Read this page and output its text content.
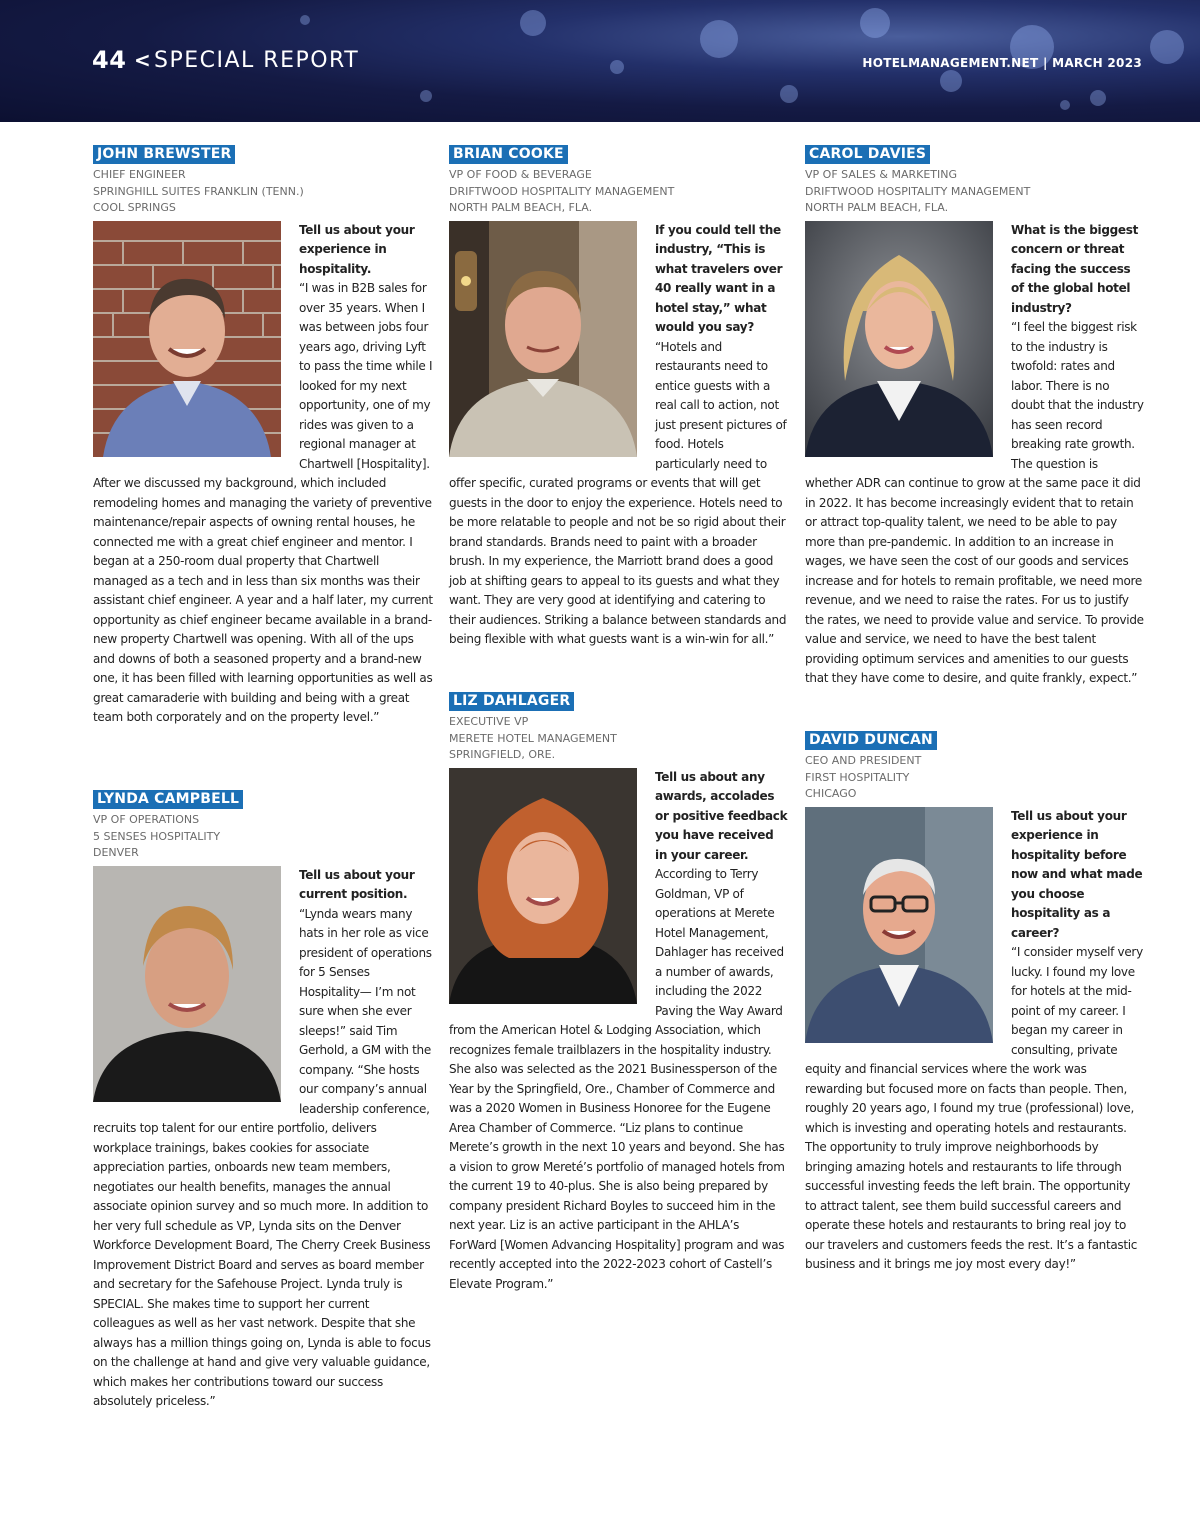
44 < SPECIAL REPORT	HOTELMANAGEMENT.NET | MARCH 2023
JOHN BREWSTER
CHIEF ENGINEER
SPRINGHILL SUITES FRANKLIN (TENN.)
COOL SPRINGS
Tell us about your experience in hospitality.
“I was in B2B sales for over 35 years. When I was between jobs four years ago, driving Lyft to pass the time while I looked for my next opportunity, one of my rides was given to a regional manager at Chartwell [Hospitality]. After we discussed my background, which included remodeling homes and managing the variety of preventive maintenance/repair aspects of owning rental houses, he connected me with a great chief engineer and mentor. I began at a 250-room dual property that Chartwell managed as a tech and in less than six months was their assistant chief engineer. A year and a half later, my current opportunity as chief engineer became available in a brand-new property Chartwell was opening. With all of the ups and downs of both a seasoned property and a brand-new one, it has been filled with learning opportunities as well as great camaraderie with building and being with a great team both corporately and on the property level.”
LYNDA CAMPBELL
VP OF OPERATIONS
5 SENSES HOSPITALITY
DENVER
Tell us about your current position.
“Lynda wears many hats in her role as vice president of operations for 5 Senses Hospitality— I’m not sure when she ever sleeps!” said Tim Gerhold, a GM with the company. “She hosts our company’s annual leadership conference, recruits top talent for our entire portfolio, delivers workplace trainings, bakes cookies for associate appreciation parties, onboards new team members, negotiates our health benefits, manages the annual associate opinion survey and so much more. In addition to her very full schedule as VP, Lynda sits on the Denver Workforce Development Board, The Cherry Creek Business Improvement District Board and serves as board member and secretary for the Safehouse Project. Lynda truly is SPECIAL. She makes time to support her current colleagues as well as her vast network. Despite that she always has a million things going on, Lynda is able to focus on the challenge at hand and give very valuable guidance, which makes her contributions toward our success absolutely priceless.”
BRIAN COOKE
VP OF FOOD & BEVERAGE
DRIFTWOOD HOSPITALITY MANAGEMENT
NORTH PALM BEACH, FLA.
If you could tell the industry, “This is what travelers over 40 really want in a hotel stay,” what would you say?
“Hotels and restaurants need to entice guests with a real call to action, not just present pictures of food. Hotels particularly need to offer specific, curated programs or events that will get guests in the door to enjoy the experience. Hotels need to be more relatable to people and not be so rigid about their brand standards. Brands need to paint with a broader brush. In my experience, the Marriott brand does a good job at shifting gears to appeal to its guests and what they want. They are very good at identifying and catering to their audiences. Striking a balance between standards and being flexible with what guests want is a win-win for all.”
LIZ DAHLAGER
EXECUTIVE VP
MERETE HOTEL MANAGEMENT
SPRINGFIELD, ORE.
Tell us about any awards, accolades or positive feedback you have received in your career.
According to Terry Goldman, VP of operations at Merete Hotel Management, Dahlager has received a number of awards, including the 2022 Paving the Way Award from the American Hotel & Lodging Association, which recognizes female trailblazers in the hospitality industry. She also was selected as the 2021 Businessperson of the Year by the Springfield, Ore., Chamber of Commerce and was a 2020 Women in Business Honoree for the Eugene Area Chamber of Commerce. “Liz plans to continue Merete’s growth in the next 10 years and beyond. She has a vision to grow Mereté’s portfolio of managed hotels from the current 19 to 40-plus. She is also being prepared by company president Richard Boyles to succeed him in the next year. Liz is an active participant in the AHLA’s ForWard [Women Advancing Hospitality] program and was recently accepted into the 2022-2023 cohort of Castell’s Elevate Program.”
CAROL DAVIES
VP OF SALES & MARKETING
DRIFTWOOD HOSPITALITY MANAGEMENT
NORTH PALM BEACH, FLA.
What is the biggest concern or threat facing the success of the global hotel industry?
“I feel the biggest risk to the industry is twofold: rates and labor. There is no doubt that the industry has seen record breaking rate growth. The question is whether ADR can continue to grow at the same pace it did in 2022. It has become increasingly evident that to retain or attract top-quality talent, we need to be able to pay more than pre-pandemic. In addition to an increase in wages, we have seen the cost of our goods and services increase and for hotels to remain profitable, we need more revenue, and we need to raise the rates. For us to justify the rates, we need to provide value and service. To provide value and service, we need to have the best talent providing optimum services and amenities to our guests that they have come to desire, and quite frankly, expect.”
DAVID DUNCAN
CEO AND PRESIDENT
FIRST HOSPITALITY
CHICAGO
Tell us about your experience in hospitality before now and what made you choose hospitality as a career?
“I consider myself very lucky. I found my love for hotels at the mid-point of my career. I began my career in consulting, private equity and financial services where the work was rewarding but focused more on facts than people. Then, roughly 20 years ago, I found my true (professional) love, which is investing and operating hotels and restaurants. The opportunity to truly improve neighborhoods by bringing amazing hotels and restaurants to life through successful investing feeds the left brain. The opportunity to attract talent, see them build successful careers and operate these hotels and restaurants to bring real joy to our travelers and customers feeds the rest. It’s a fantastic business and it brings me joy most every day!”
